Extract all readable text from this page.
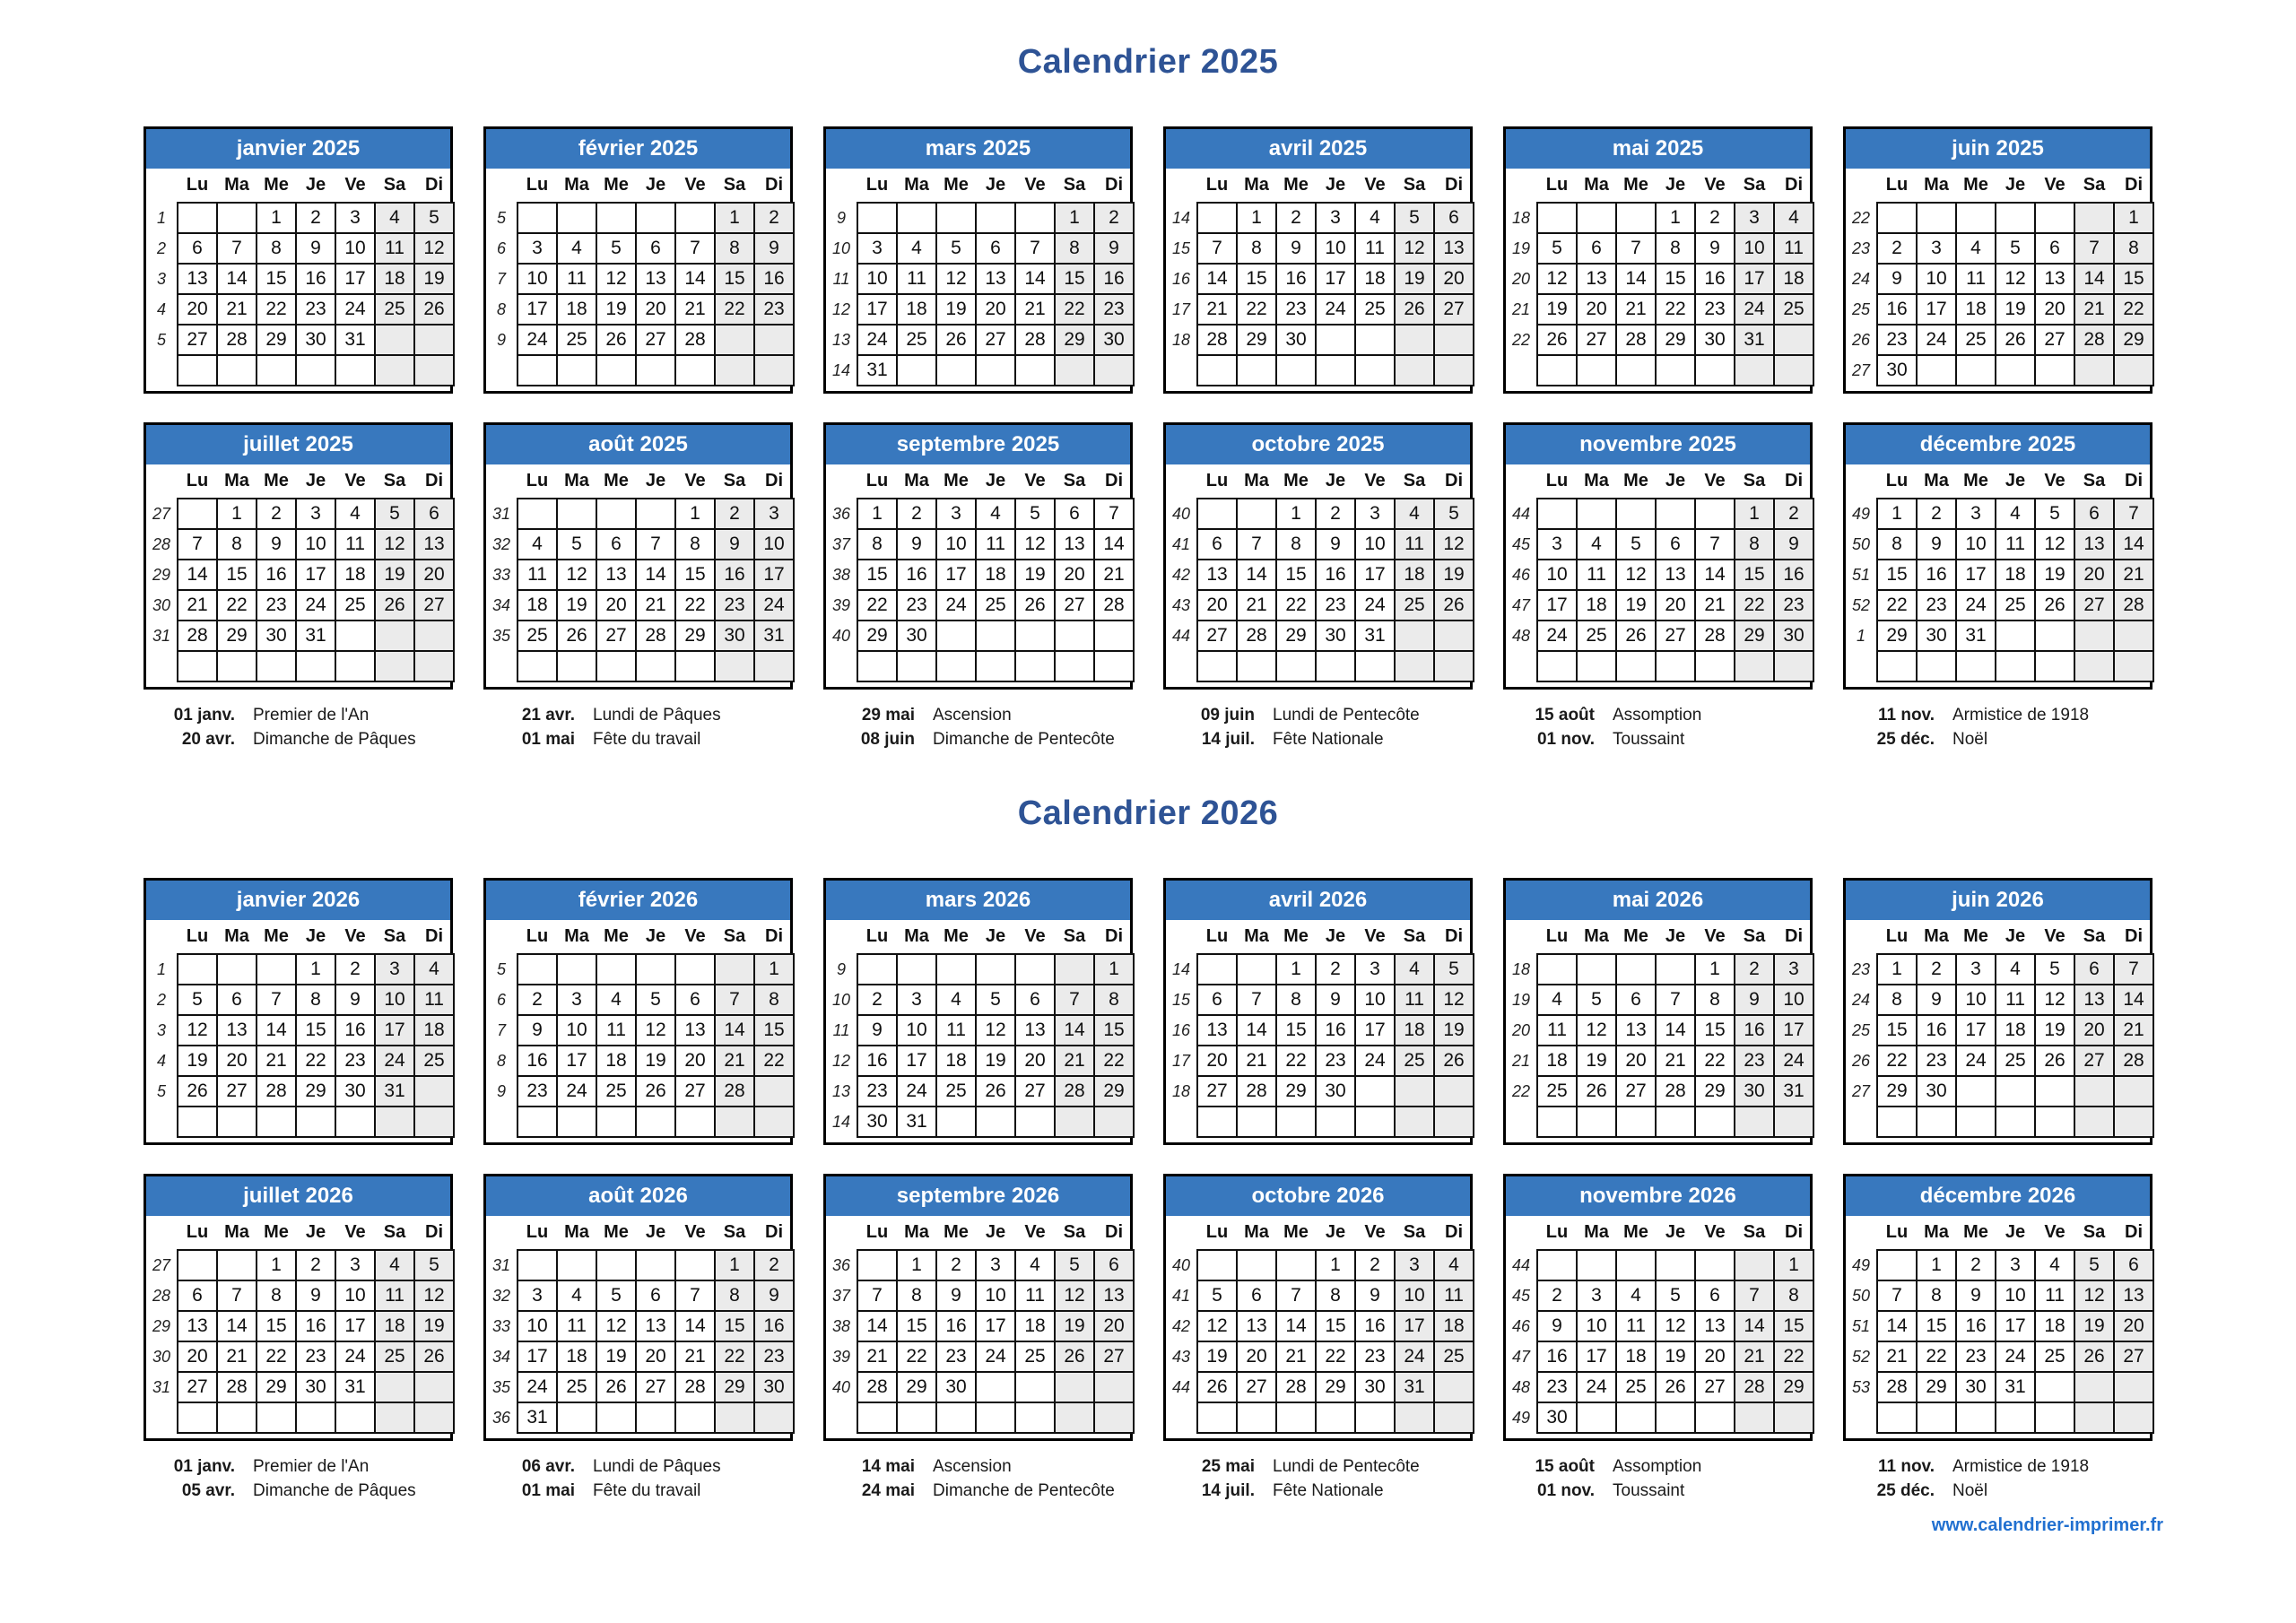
Calendrier 2025
janvier 2025
	Lu	Ma	Me	Je	Ve	Sa	Di
1			1	2	3	4	5
2	6	7	8	9	10	11	12
3	13	14	15	16	17	18	19
4	20	21	22	23	24	25	26
5	27	28	29	30	31		

février 2025
	Lu	Ma	Me	Je	Ve	Sa	Di
5						1	2
6	3	4	5	6	7	8	9
7	10	11	12	13	14	15	16
8	17	18	19	20	21	22	23
9	24	25	26	27	28		

mars 2025
	Lu	Ma	Me	Je	Ve	Sa	Di
9						1	2
10	3	4	5	6	7	8	9
11	10	11	12	13	14	15	16
12	17	18	19	20	21	22	23
13	24	25	26	27	28	29	30
14	31						
avril 2025
	Lu	Ma	Me	Je	Ve	Sa	Di
14		1	2	3	4	5	6
15	7	8	9	10	11	12	13
16	14	15	16	17	18	19	20
17	21	22	23	24	25	26	27
18	28	29	30				

mai 2025
	Lu	Ma	Me	Je	Ve	Sa	Di
18				1	2	3	4
19	5	6	7	8	9	10	11
20	12	13	14	15	16	17	18
21	19	20	21	22	23	24	25
22	26	27	28	29	30	31	

juin 2025
	Lu	Ma	Me	Je	Ve	Sa	Di
22							1
23	2	3	4	5	6	7	8
24	9	10	11	12	13	14	15
25	16	17	18	19	20	21	22
26	23	24	25	26	27	28	29
27	30						
juillet 2025
	Lu	Ma	Me	Je	Ve	Sa	Di
27		1	2	3	4	5	6
28	7	8	9	10	11	12	13
29	14	15	16	17	18	19	20
30	21	22	23	24	25	26	27
31	28	29	30	31			

août 2025
	Lu	Ma	Me	Je	Ve	Sa	Di
31					1	2	3
32	4	5	6	7	8	9	10
33	11	12	13	14	15	16	17
34	18	19	20	21	22	23	24
35	25	26	27	28	29	30	31

septembre 2025
	Lu	Ma	Me	Je	Ve	Sa	Di
36	1	2	3	4	5	6	7
37	8	9	10	11	12	13	14
38	15	16	17	18	19	20	21
39	22	23	24	25	26	27	28
40	29	30					

octobre 2025
	Lu	Ma	Me	Je	Ve	Sa	Di
40			1	2	3	4	5
41	6	7	8	9	10	11	12
42	13	14	15	16	17	18	19
43	20	21	22	23	24	25	26
44	27	28	29	30	31		

novembre 2025
	Lu	Ma	Me	Je	Ve	Sa	Di
44						1	2
45	3	4	5	6	7	8	9
46	10	11	12	13	14	15	16
47	17	18	19	20	21	22	23
48	24	25	26	27	28	29	30

décembre 2025
	Lu	Ma	Me	Je	Ve	Sa	Di
49	1	2	3	4	5	6	7
50	8	9	10	11	12	13	14
51	15	16	17	18	19	20	21
52	22	23	24	25	26	27	28
1	29	30	31				

01 janv. Premier de l'An
20 avr. Dimanche de Pâques
21 avr. Lundi de Pâques
01 mai Fête du travail
29 mai Ascension
08 juin Dimanche de Pentecôte
09 juin Lundi de Pentecôte
14 juil. Fête Nationale
15 août Assomption
01 nov. Toussaint
11 nov. Armistice de 1918
25 déc. Noël
Calendrier 2026
janvier 2026
	Lu	Ma	Me	Je	Ve	Sa	Di
1				1	2	3	4
2	5	6	7	8	9	10	11
3	12	13	14	15	16	17	18
4	19	20	21	22	23	24	25
5	26	27	28	29	30	31	

février 2026
	Lu	Ma	Me	Je	Ve	Sa	Di
5							1
6	2	3	4	5	6	7	8
7	9	10	11	12	13	14	15
8	16	17	18	19	20	21	22
9	23	24	25	26	27	28	

mars 2026
	Lu	Ma	Me	Je	Ve	Sa	Di
9							1
10	2	3	4	5	6	7	8
11	9	10	11	12	13	14	15
12	16	17	18	19	20	21	22
13	23	24	25	26	27	28	29
14	30	31					
avril 2026
	Lu	Ma	Me	Je	Ve	Sa	Di
14			1	2	3	4	5
15	6	7	8	9	10	11	12
16	13	14	15	16	17	18	19
17	20	21	22	23	24	25	26
18	27	28	29	30			

mai 2026
	Lu	Ma	Me	Je	Ve	Sa	Di
18					1	2	3
19	4	5	6	7	8	9	10
20	11	12	13	14	15	16	17
21	18	19	20	21	22	23	24
22	25	26	27	28	29	30	31

juin 2026
	Lu	Ma	Me	Je	Ve	Sa	Di
23	1	2	3	4	5	6	7
24	8	9	10	11	12	13	14
25	15	16	17	18	19	20	21
26	22	23	24	25	26	27	28
27	29	30					

juillet 2026
	Lu	Ma	Me	Je	Ve	Sa	Di
27			1	2	3	4	5
28	6	7	8	9	10	11	12
29	13	14	15	16	17	18	19
30	20	21	22	23	24	25	26
31	27	28	29	30	31		

août 2026
	Lu	Ma	Me	Je	Ve	Sa	Di
31						1	2
32	3	4	5	6	7	8	9
33	10	11	12	13	14	15	16
34	17	18	19	20	21	22	23
35	24	25	26	27	28	29	30
36	31						
septembre 2026
	Lu	Ma	Me	Je	Ve	Sa	Di
36		1	2	3	4	5	6
37	7	8	9	10	11	12	13
38	14	15	16	17	18	19	20
39	21	22	23	24	25	26	27
40	28	29	30				

octobre 2026
	Lu	Ma	Me	Je	Ve	Sa	Di
40				1	2	3	4
41	5	6	7	8	9	10	11
42	12	13	14	15	16	17	18
43	19	20	21	22	23	24	25
44	26	27	28	29	30	31	

novembre 2026
	Lu	Ma	Me	Je	Ve	Sa	Di
44							1
45	2	3	4	5	6	7	8
46	9	10	11	12	13	14	15
47	16	17	18	19	20	21	22
48	23	24	25	26	27	28	29
49	30						
décembre 2026
	Lu	Ma	Me	Je	Ve	Sa	Di
49		1	2	3	4	5	6
50	7	8	9	10	11	12	13
51	14	15	16	17	18	19	20
52	21	22	23	24	25	26	27
53	28	29	30	31			

01 janv. Premier de l'An
05 avr. Dimanche de Pâques
06 avr. Lundi de Pâques
01 mai Fête du travail
14 mai Ascension
24 mai Dimanche de Pentecôte
25 mai Lundi de Pentecôte
14 juil. Fête Nationale
15 août Assomption
01 nov. Toussaint
11 nov. Armistice de 1918
25 déc. Noël
www.calendrier-imprimer.fr
